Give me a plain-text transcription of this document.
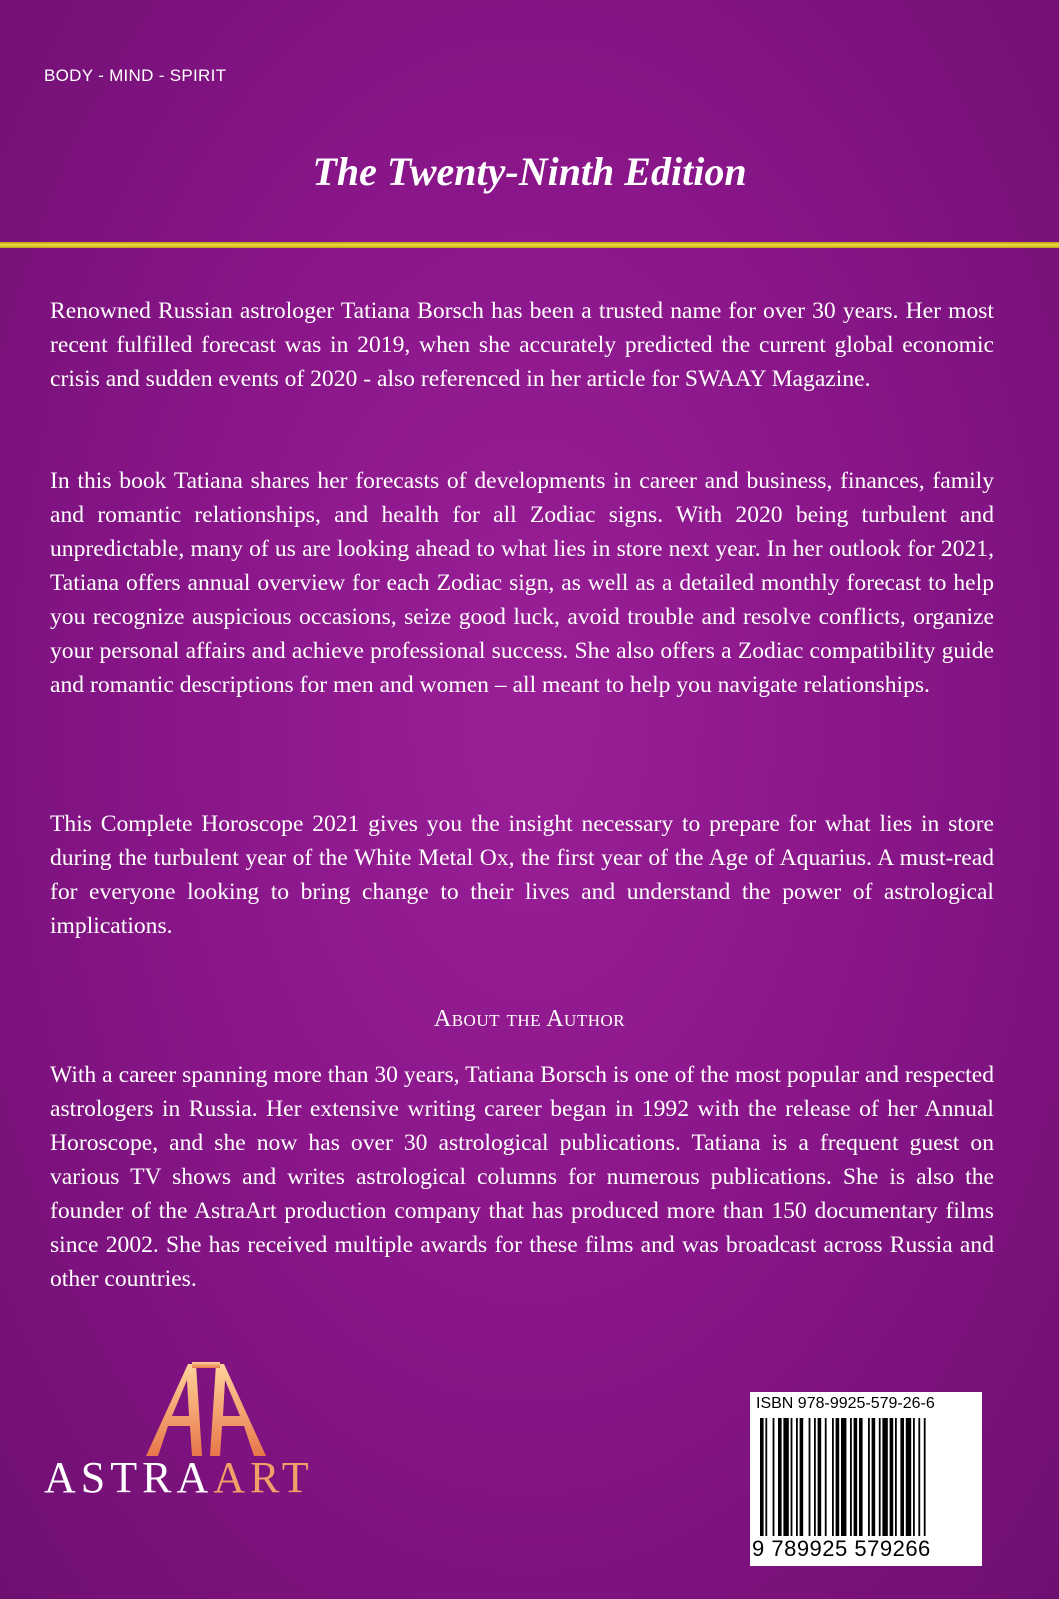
BODY - MIND - SPIRIT
The Twenty-Ninth Edition
Renowned Russian astrologer Tatiana Borsch has been a trusted name for over 30 years. Her most recent fulfilled forecast was in 2019, when she accurately predicted the current global economic crisis and sudden events of 2020 - also referenced in her article for SWAAY Magazine.
In this book Tatiana shares her forecasts of developments in career and business, finances, family and romantic relationships, and health for all Zodiac signs. With 2020 being turbulent and unpredictable, many of us are looking ahead to what lies in store next year. In her outlook for 2021, Tatiana offers annual overview for each Zodiac sign, as well as a detailed monthly forecast to help you recognize auspicious occasions, seize good luck, avoid trouble and resolve conflicts, organize your personal affairs and achieve professional success. She also offers a Zodiac compatibility guide and romantic descriptions for men and women – all meant to help you navigate relationships.
This Complete Horoscope 2021 gives you the insight necessary to prepare for what lies in store during the turbulent year of the White Metal Ox, the first year of the Age of Aquarius. A must-read for everyone looking to bring change to their lives and understand the power of astrological implications.
About the Author
With a career spanning more than 30 years, Tatiana Borsch is one of the most popular and respected astrologers in Russia. Her extensive writing career began in 1992 with the release of her Annual Horoscope, and she now has over 30 astrological publications. Tatiana is a frequent guest on various TV shows and writes astrological columns for numerous publications. She is also the founder of the AstraArt production company that has produced more than 150 documentary films since 2002. She has received multiple awards for these films and was broadcast across Russia and other countries.
ASTRAART
ISBN 978-9925-579-26-6
9 789925 579266
